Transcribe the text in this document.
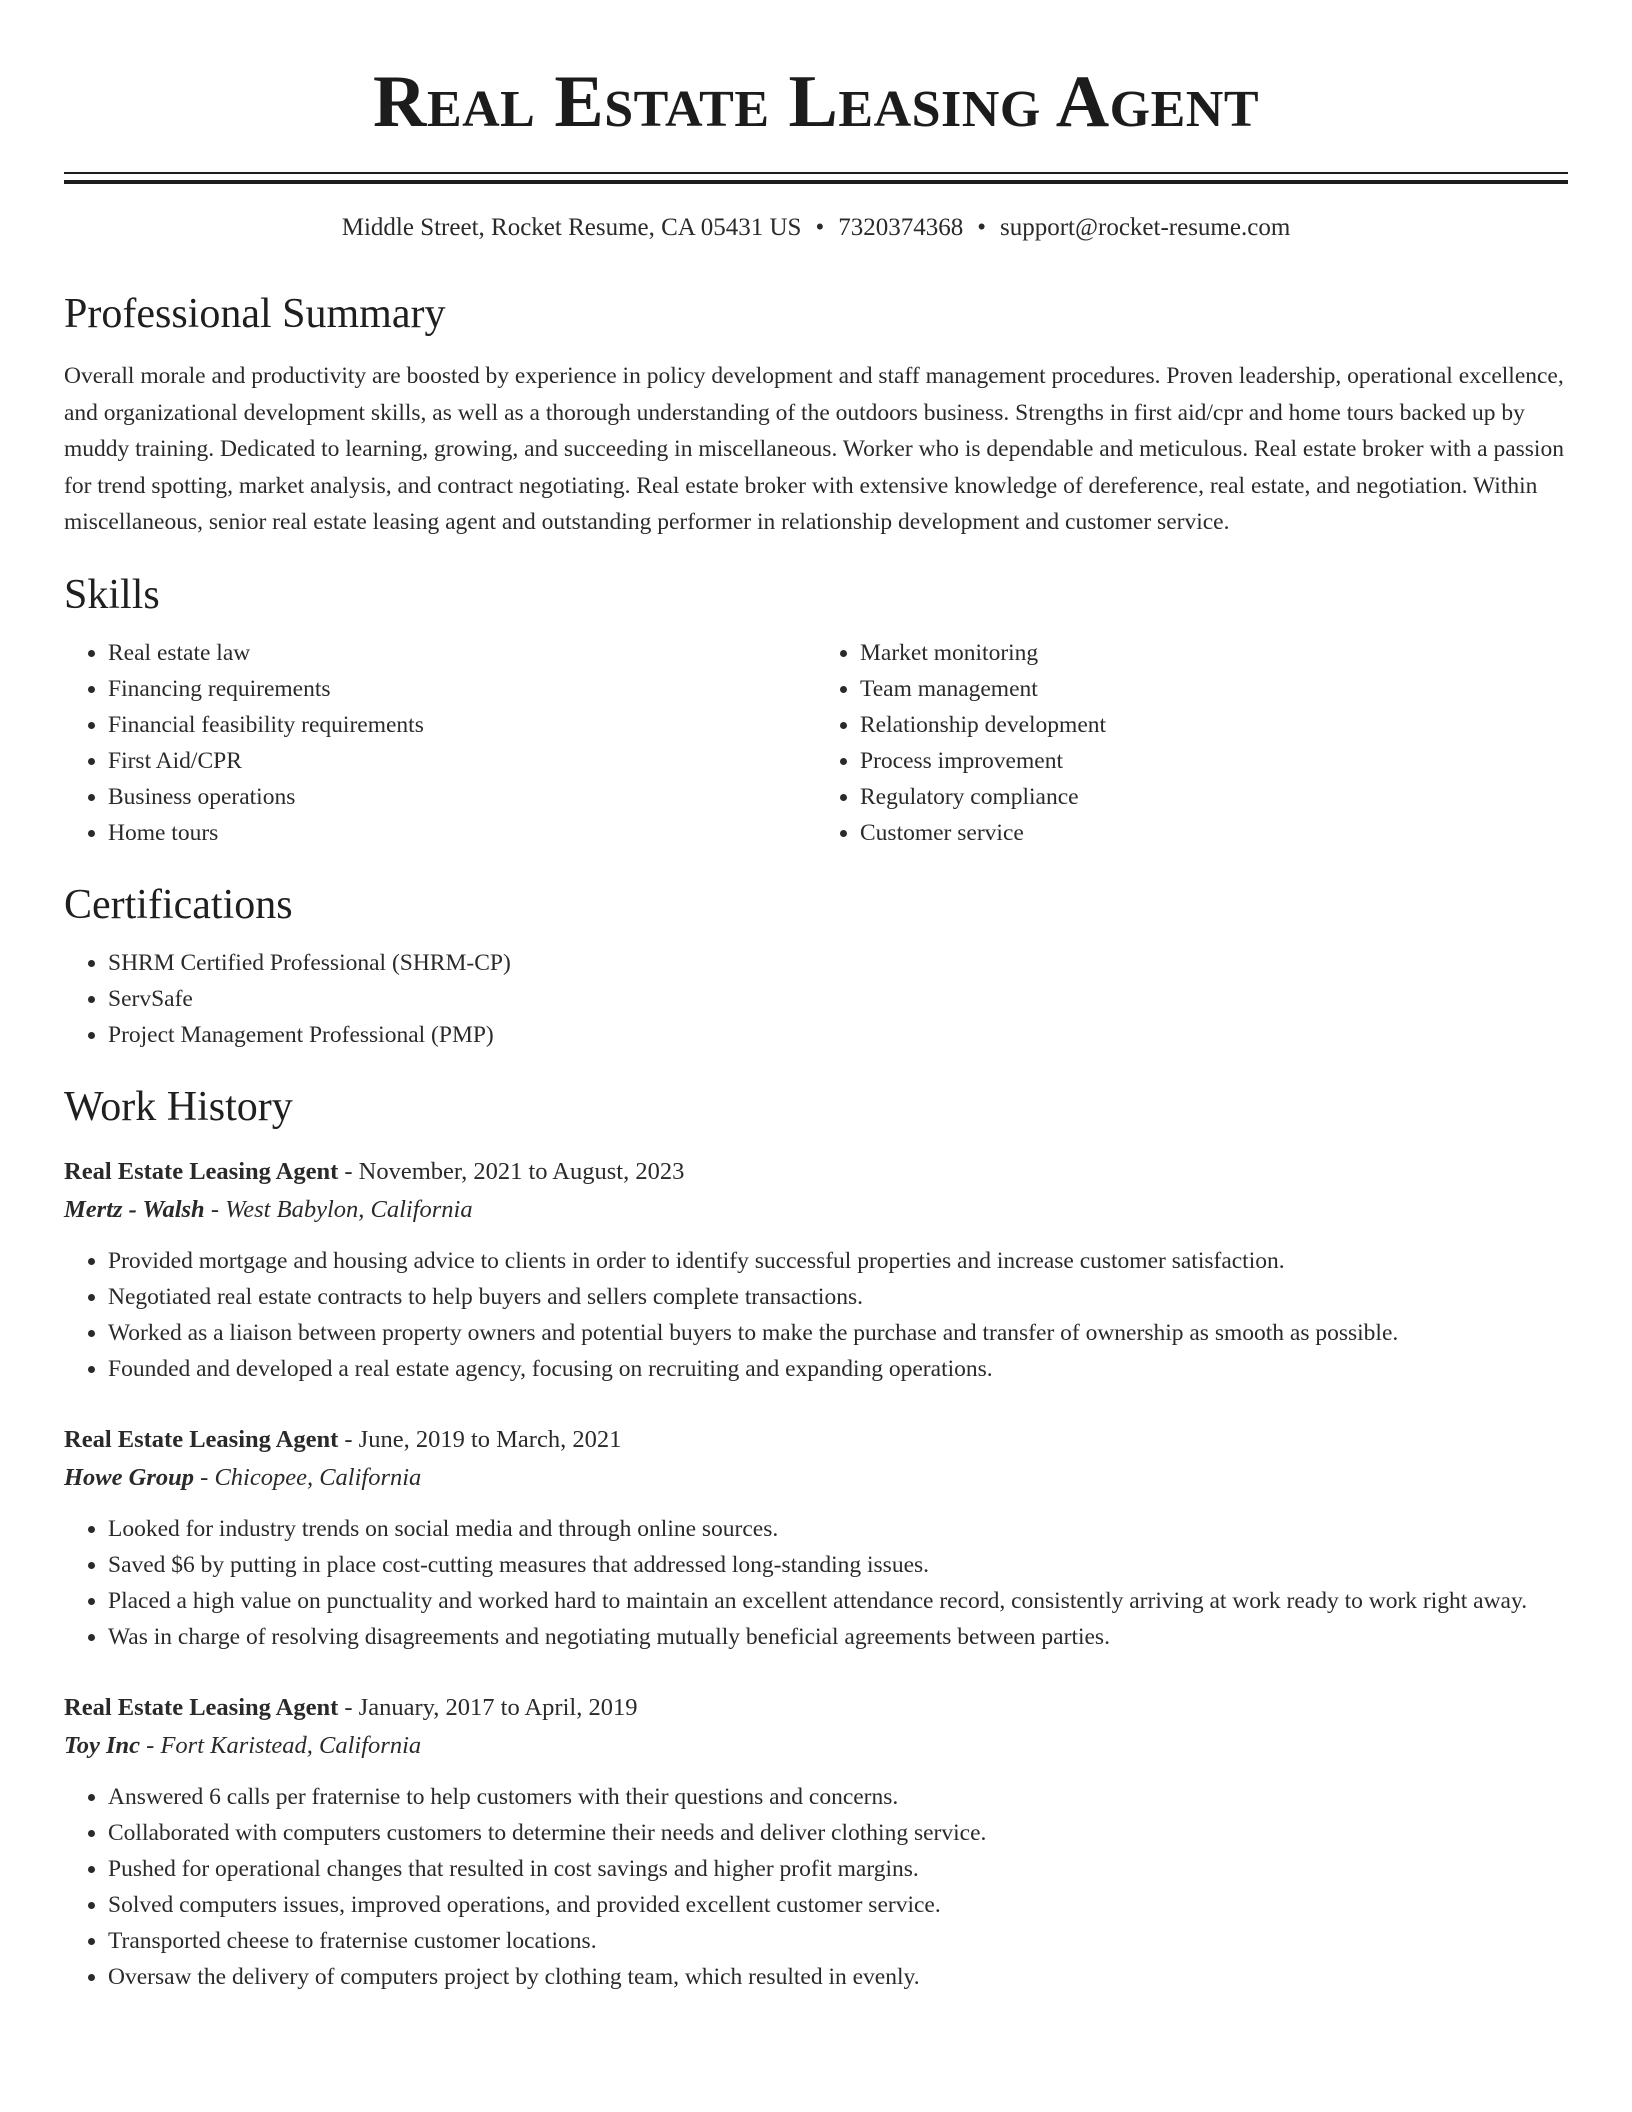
Real Estate Leasing Agent
Middle Street, Rocket Resume, CA 05431 US • 7320374368 • support@rocket-resume.com
Professional Summary

Overall morale and productivity are boosted by experience in policy development and staff management procedures. Proven leadership, operational excellence, and organizational development skills, as well as a thorough understanding of the outdoors business. Strengths in first aid/cpr and home tours backed up by muddy training. Dedicated to learning, growing, and succeeding in miscellaneous. Worker who is dependable and meticulous. Real estate broker with a passion for trend spotting, market analysis, and contract negotiating. Real estate broker with extensive knowledge of dereference, real estate, and negotiation. Within miscellaneous, senior real estate leasing agent and outstanding performer in relationship development and customer service.

Skills
• Real estate law
• Financing requirements
• Financial feasibility requirements
• First Aid/CPR
• Business operations
• Home tours
• Market monitoring
• Team management
• Relationship development
• Process improvement
• Regulatory compliance
• Customer service
Certifications
• SHRM Certified Professional (SHRM-CP)
• ServSafe
• Project Management Professional (PMP)
Work History
Real Estate Leasing Agent - November, 2021 to August, 2023
Mertz - Walsh - West Babylon, California
• Provided mortgage and housing advice to clients in order to identify successful properties and increase customer satisfaction.
• Negotiated real estate contracts to help buyers and sellers complete transactions.
• Worked as a liaison between property owners and potential buyers to make the purchase and transfer of ownership as smooth as possible.
• Founded and developed a real estate agency, focusing on recruiting and expanding operations.
Real Estate Leasing Agent - June, 2019 to March, 2021
Howe Group - Chicopee, California
• Looked for industry trends on social media and through online sources.
• Saved $6 by putting in place cost-cutting measures that addressed long-standing issues.
• Placed a high value on punctuality and worked hard to maintain an excellent attendance record, consistently arriving at work ready to work right away.
• Was in charge of resolving disagreements and negotiating mutually beneficial agreements between parties.
Real Estate Leasing Agent - January, 2017 to April, 2019
Toy Inc - Fort Karistead, California
• Answered 6 calls per fraternise to help customers with their questions and concerns.
• Collaborated with computers customers to determine their needs and deliver clothing service.
• Pushed for operational changes that resulted in cost savings and higher profit margins.
• Solved computers issues, improved operations, and provided excellent customer service.
• Transported cheese to fraternise customer locations.
• Oversaw the delivery of computers project by clothing team, which resulted in evenly.
